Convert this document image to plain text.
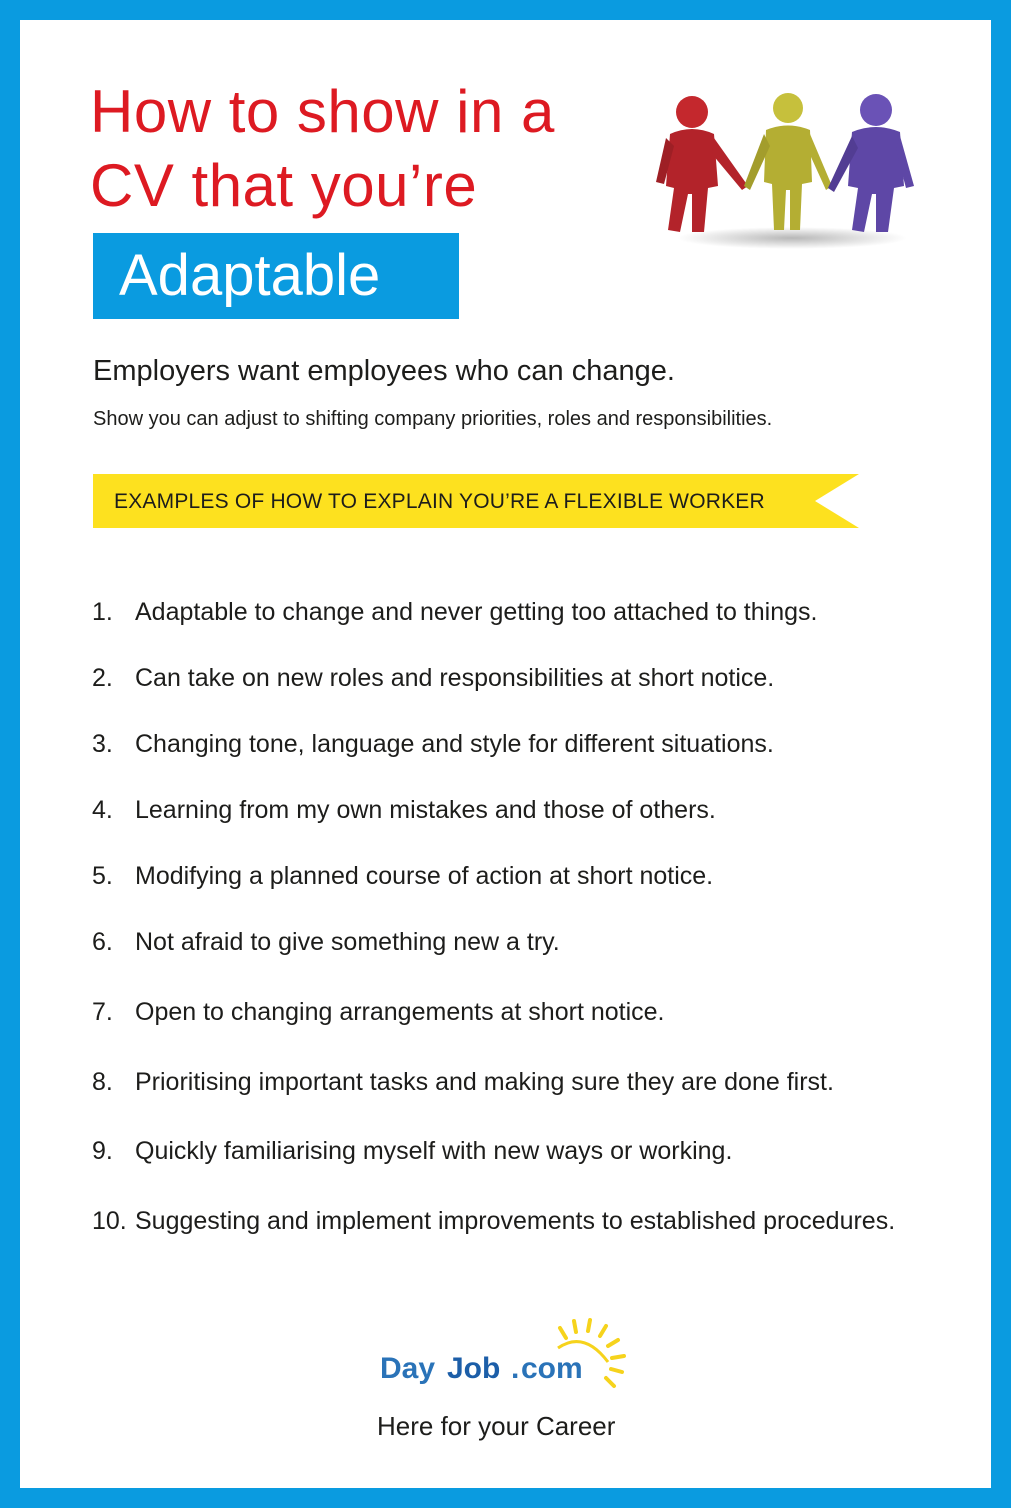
How to show in a
CV that you’re
Adaptable
Employers want employees who can change.
Show you can adjust to shifting company priorities, roles and responsibilities.
EXAMPLES OF HOW TO EXPLAIN YOU’RE A FLEXIBLE WORKER
1. Adaptable to change and never getting too attached to things.
2. Can take on new roles and responsibilities at short notice.
3. Changing tone, language and style for different situations.
4. Learning from my own mistakes and those of others.
5. Modifying a planned course of action at short notice.
6. Not afraid to give something new a try.
7. Open to changing arrangements at short notice.
8. Prioritising important tasks and making sure they are done first.
9. Quickly familiarising myself with new ways or working.
10. Suggesting and implement improvements to established procedures.
Day Job . com
Here for your Career
